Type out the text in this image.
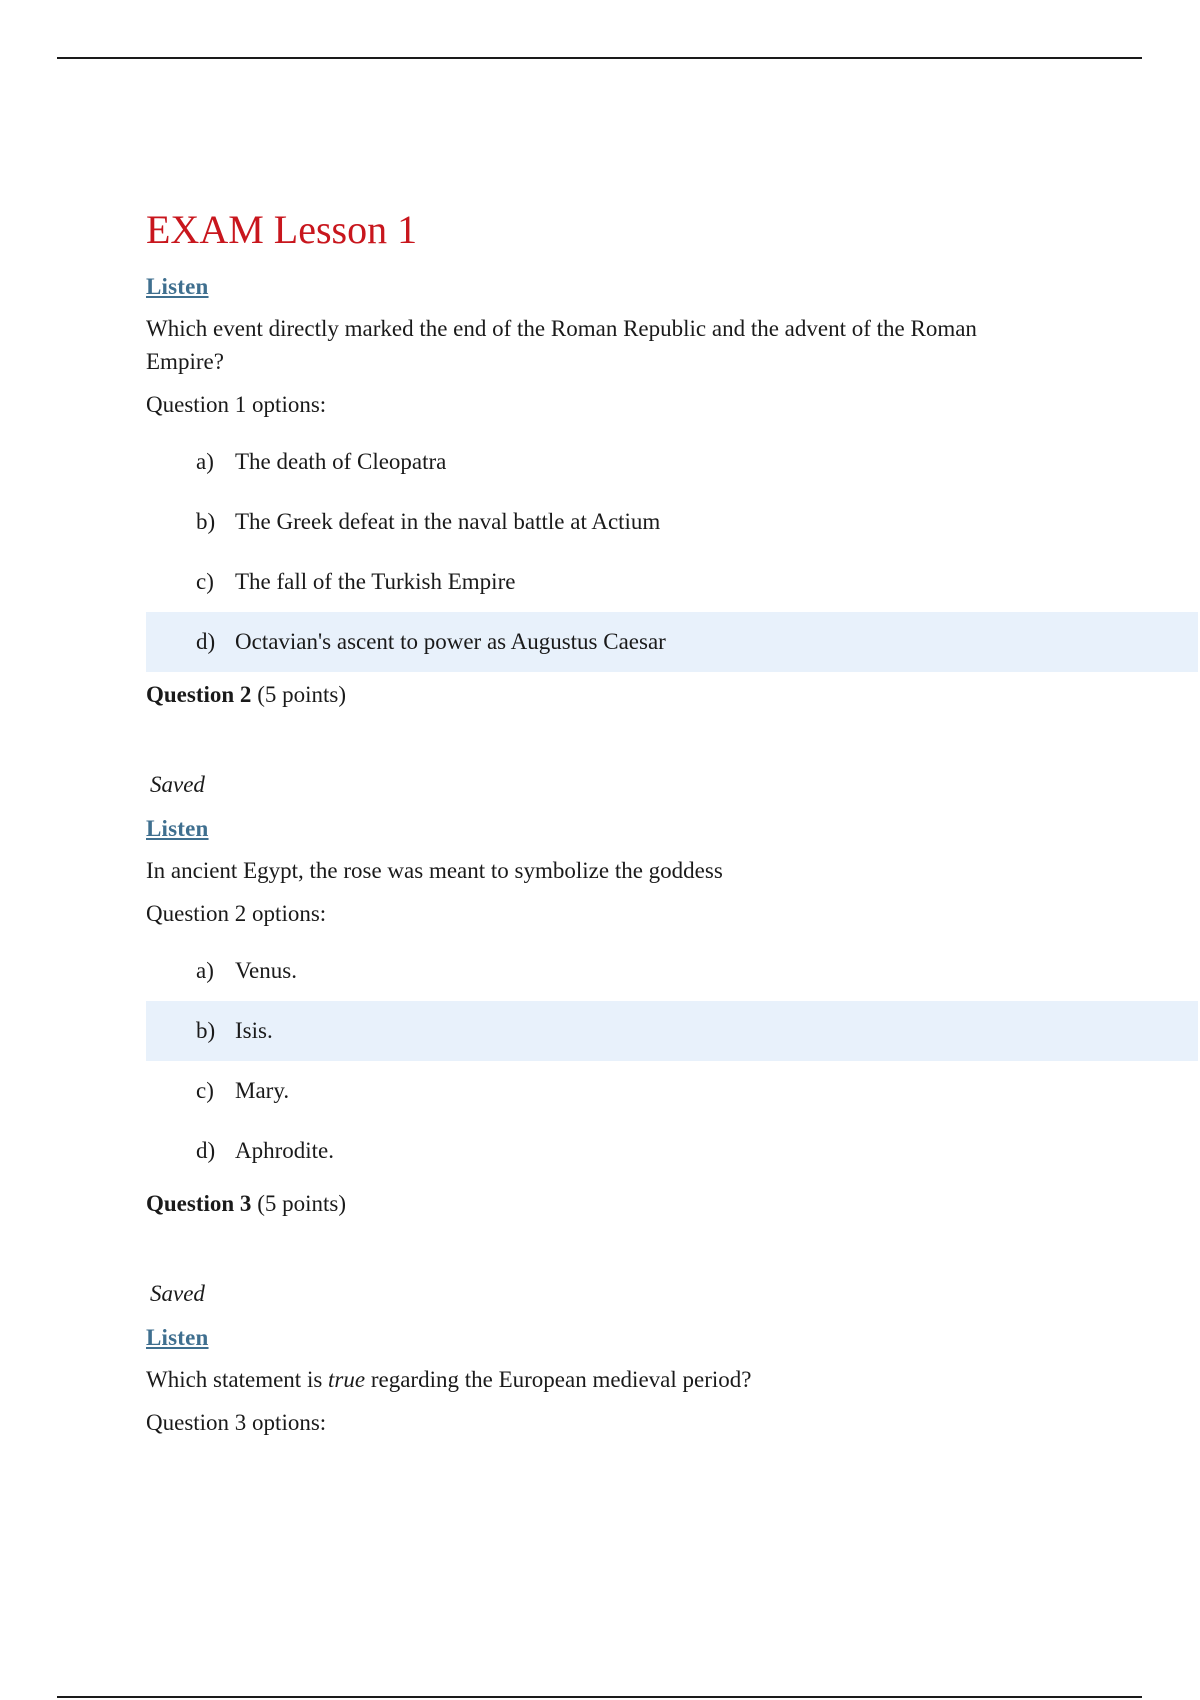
EXAM Lesson 1
Listen

Which event directly marked the end of the Roman Republic and the advent of the Roman Empire?

Question 1 options:
a) The death of Cleopatra
b) The Greek defeat in the naval battle at Actium
c) The fall of the Turkish Empire
d) Octavian's ascent to power as Augustus Caesar
Question 2 (5 points)
Saved
Listen

In ancient Egypt, the rose was meant to symbolize the goddess

Question 2 options:
a) Venus.
b) Isis.
c) Mary.
d) Aphrodite.
Question 3 (5 points)
Saved
Listen

Which statement is true regarding the European medieval period?

Question 3 options:
